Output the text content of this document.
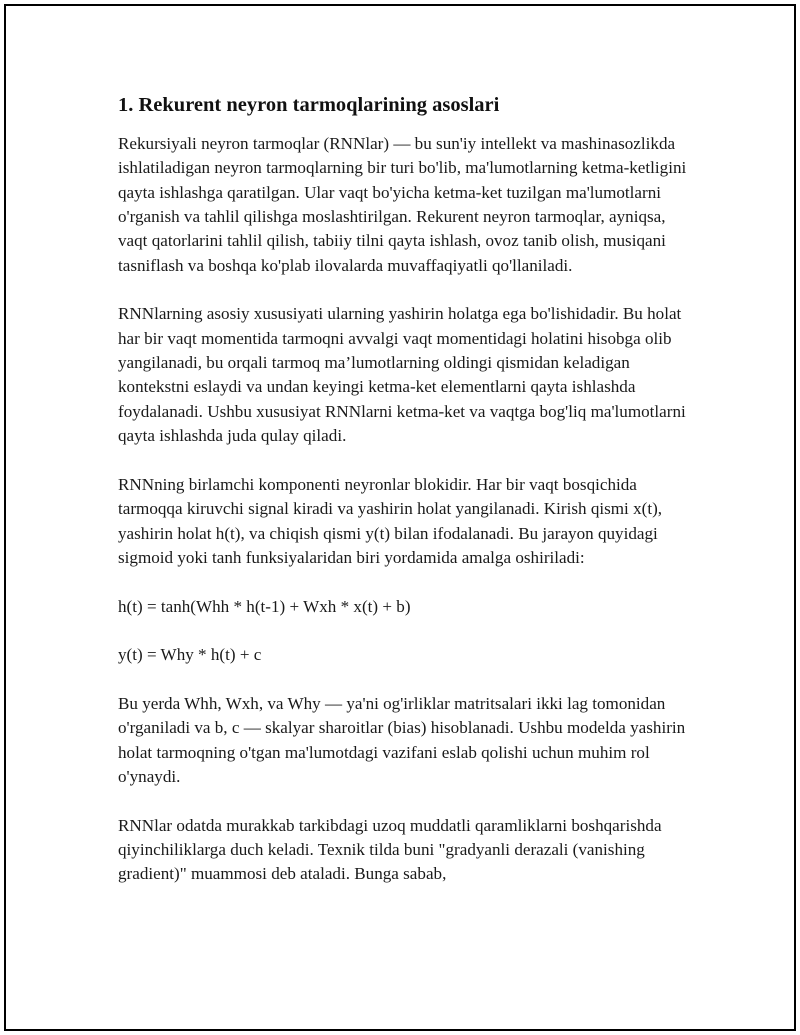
1. Rekurent neyron tarmoqlarining asoslari

Rekursiyali neyron tarmoqlar (RNNlar) — bu sun'iy intellekt va mashinasozlikda ishlatiladigan neyron tarmoqlarning bir turi bo'lib, ma'lumotlarning ketma-ketligini qayta ishlashga qaratilgan. Ular vaqt bo'yicha ketma-ket tuzilgan ma'lumotlarni o'rganish va tahlil qilishga moslashtirilgan. Rekurent neyron tarmoqlar, ayniqsa, vaqt qatorlarini tahlil qilish, tabiiy tilni qayta ishlash, ovoz tanib olish, musiqani tasniflash va boshqa ko'plab ilovalarda muvaffaqiyatli qo'llaniladi.

RNNlarning asosiy xususiyati ularning yashirin holatga ega bo'lishidadir. Bu holat har bir vaqt momentida tarmoqni avvalgi vaqt momentidagi holatini hisobga olib yangilanadi, bu orqali tarmoq ma’lumotlarning oldingi qismidan keladigan kontekstni eslaydi va undan keyingi ketma-ket elementlarni qayta ishlashda foydalanadi. Ushbu xususiyat RNNlarni ketma-ket va vaqtga bog'liq ma'lumotlarni qayta ishlashda juda qulay qiladi.

RNNning birlamchi komponenti neyronlar blokidir. Har bir vaqt bosqichida tarmoqqa kiruvchi signal kiradi va yashirin holat yangilanadi. Kirish qismi x(t), yashirin holat h(t), va chiqish qismi y(t) bilan ifodalanadi. Bu jarayon quyidagi sigmoid yoki tanh funksiyalaridan biri yordamida amalga oshiriladi:

h(t) = tanh(Whh * h(t-1) + Wxh * x(t) + b)

y(t) = Why * h(t) + c

Bu yerda Whh, Wxh, va Why — ya'ni og'irliklar matritsalari ikki lag tomonidan o'rganiladi va b, c — skalyar sharoitlar (bias) hisoblanadi. Ushbu modelda yashirin holat tarmoqning o'tgan ma'lumotdagi vazifani eslab qolishi uchun muhim rol o'ynaydi.

RNNlar odatda murakkab tarkibdagi uzoq muddatli qaramliklarni boshqarishda qiyinchiliklarga duch keladi. Texnik tilda buni "gradyanli derazali (vanishing gradient)" muammosi deb ataladi. Bunga sabab,
